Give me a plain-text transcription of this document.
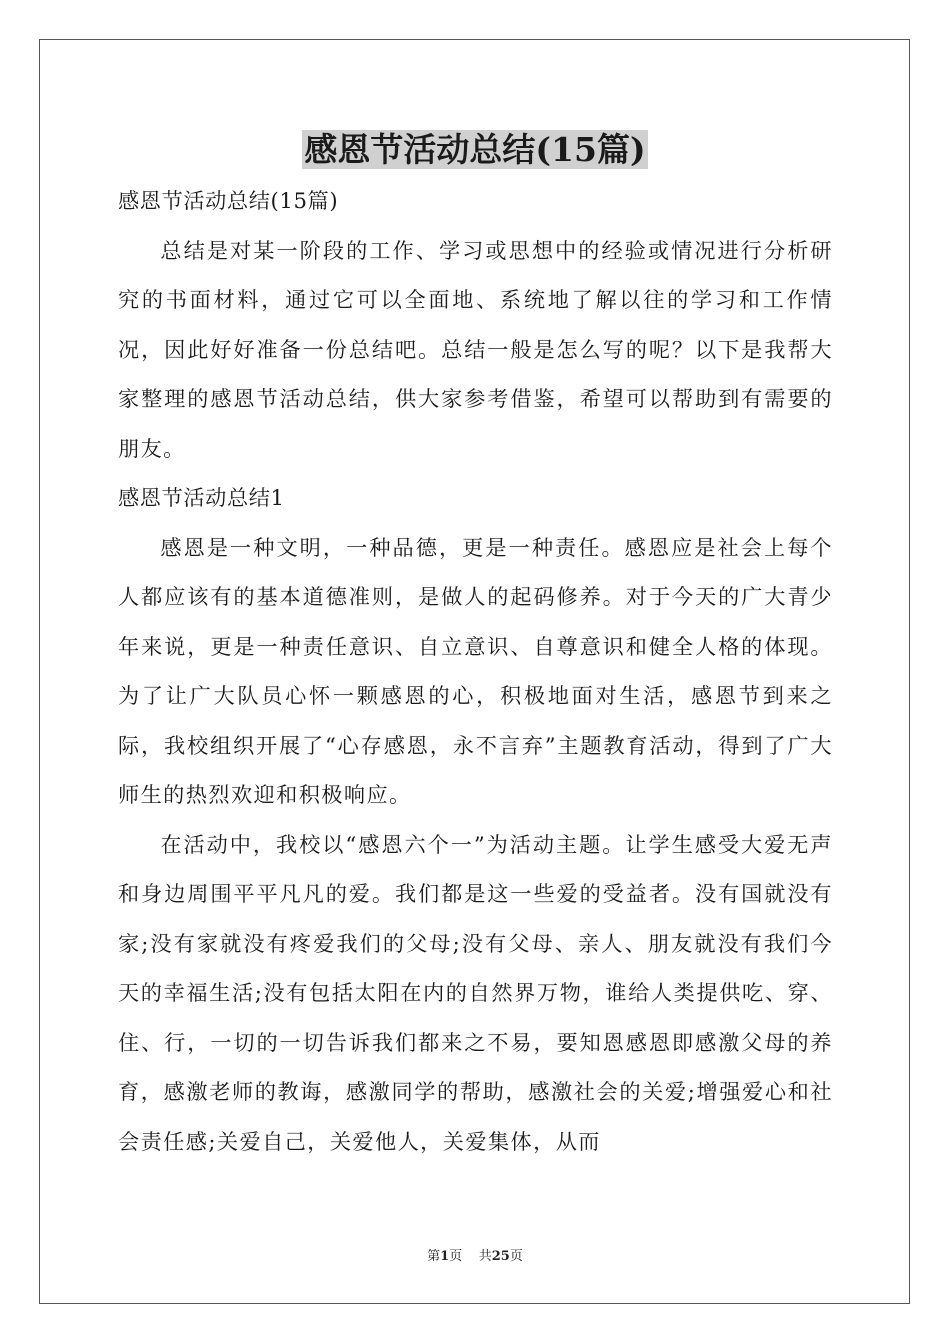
感恩节活动总结(15篇)

感恩节活动总结(15篇)

总结是对某一阶段的工作、学习或思想中的经验或情况进行分析研究的书面材料，通过它可以全面地、系统地了解以往的学习和工作情况，因此好好准备一份总结吧。总结一般是怎么写的呢？以下是我帮大家整理的感恩节活动总结，供大家参考借鉴，希望可以帮助到有需要的朋友。

感恩节活动总结1

感恩是一种文明，一种品德，更是一种责任。感恩应是社会上每个人都应该有的基本道德准则，是做人的起码修养。对于今天的广大青少年来说，更是一种责任意识、自立意识、自尊意识和健全人格的体现。为了让广大队员心怀一颗感恩的心，积极地面对生活，感恩节到来之际，我校组织开展了“心存感恩，永不言弃”主题教育活动，得到了广大师生的热烈欢迎和积极响应。

在活动中，我校以“感恩六个一”为活动主题。让学生感受大爱无声和身边周围平平凡凡的爱。我们都是这一些爱的受益者。没有国就没有家;没有家就没有疼爱我们的父母;没有父母、亲人、朋友就没有我们今天的幸福生活;没有包括太阳在内的自然界万物，谁给人类提供吃、穿、住、行，一切的一切告诉我们都来之不易，要知恩感恩即感激父母的养育，感激老师的教诲，感激同学的帮助，感激社会的关爱;增强爱心和社会责任感;关爱自己，关爱他人，关爱集体，从而

第1页 共25页
